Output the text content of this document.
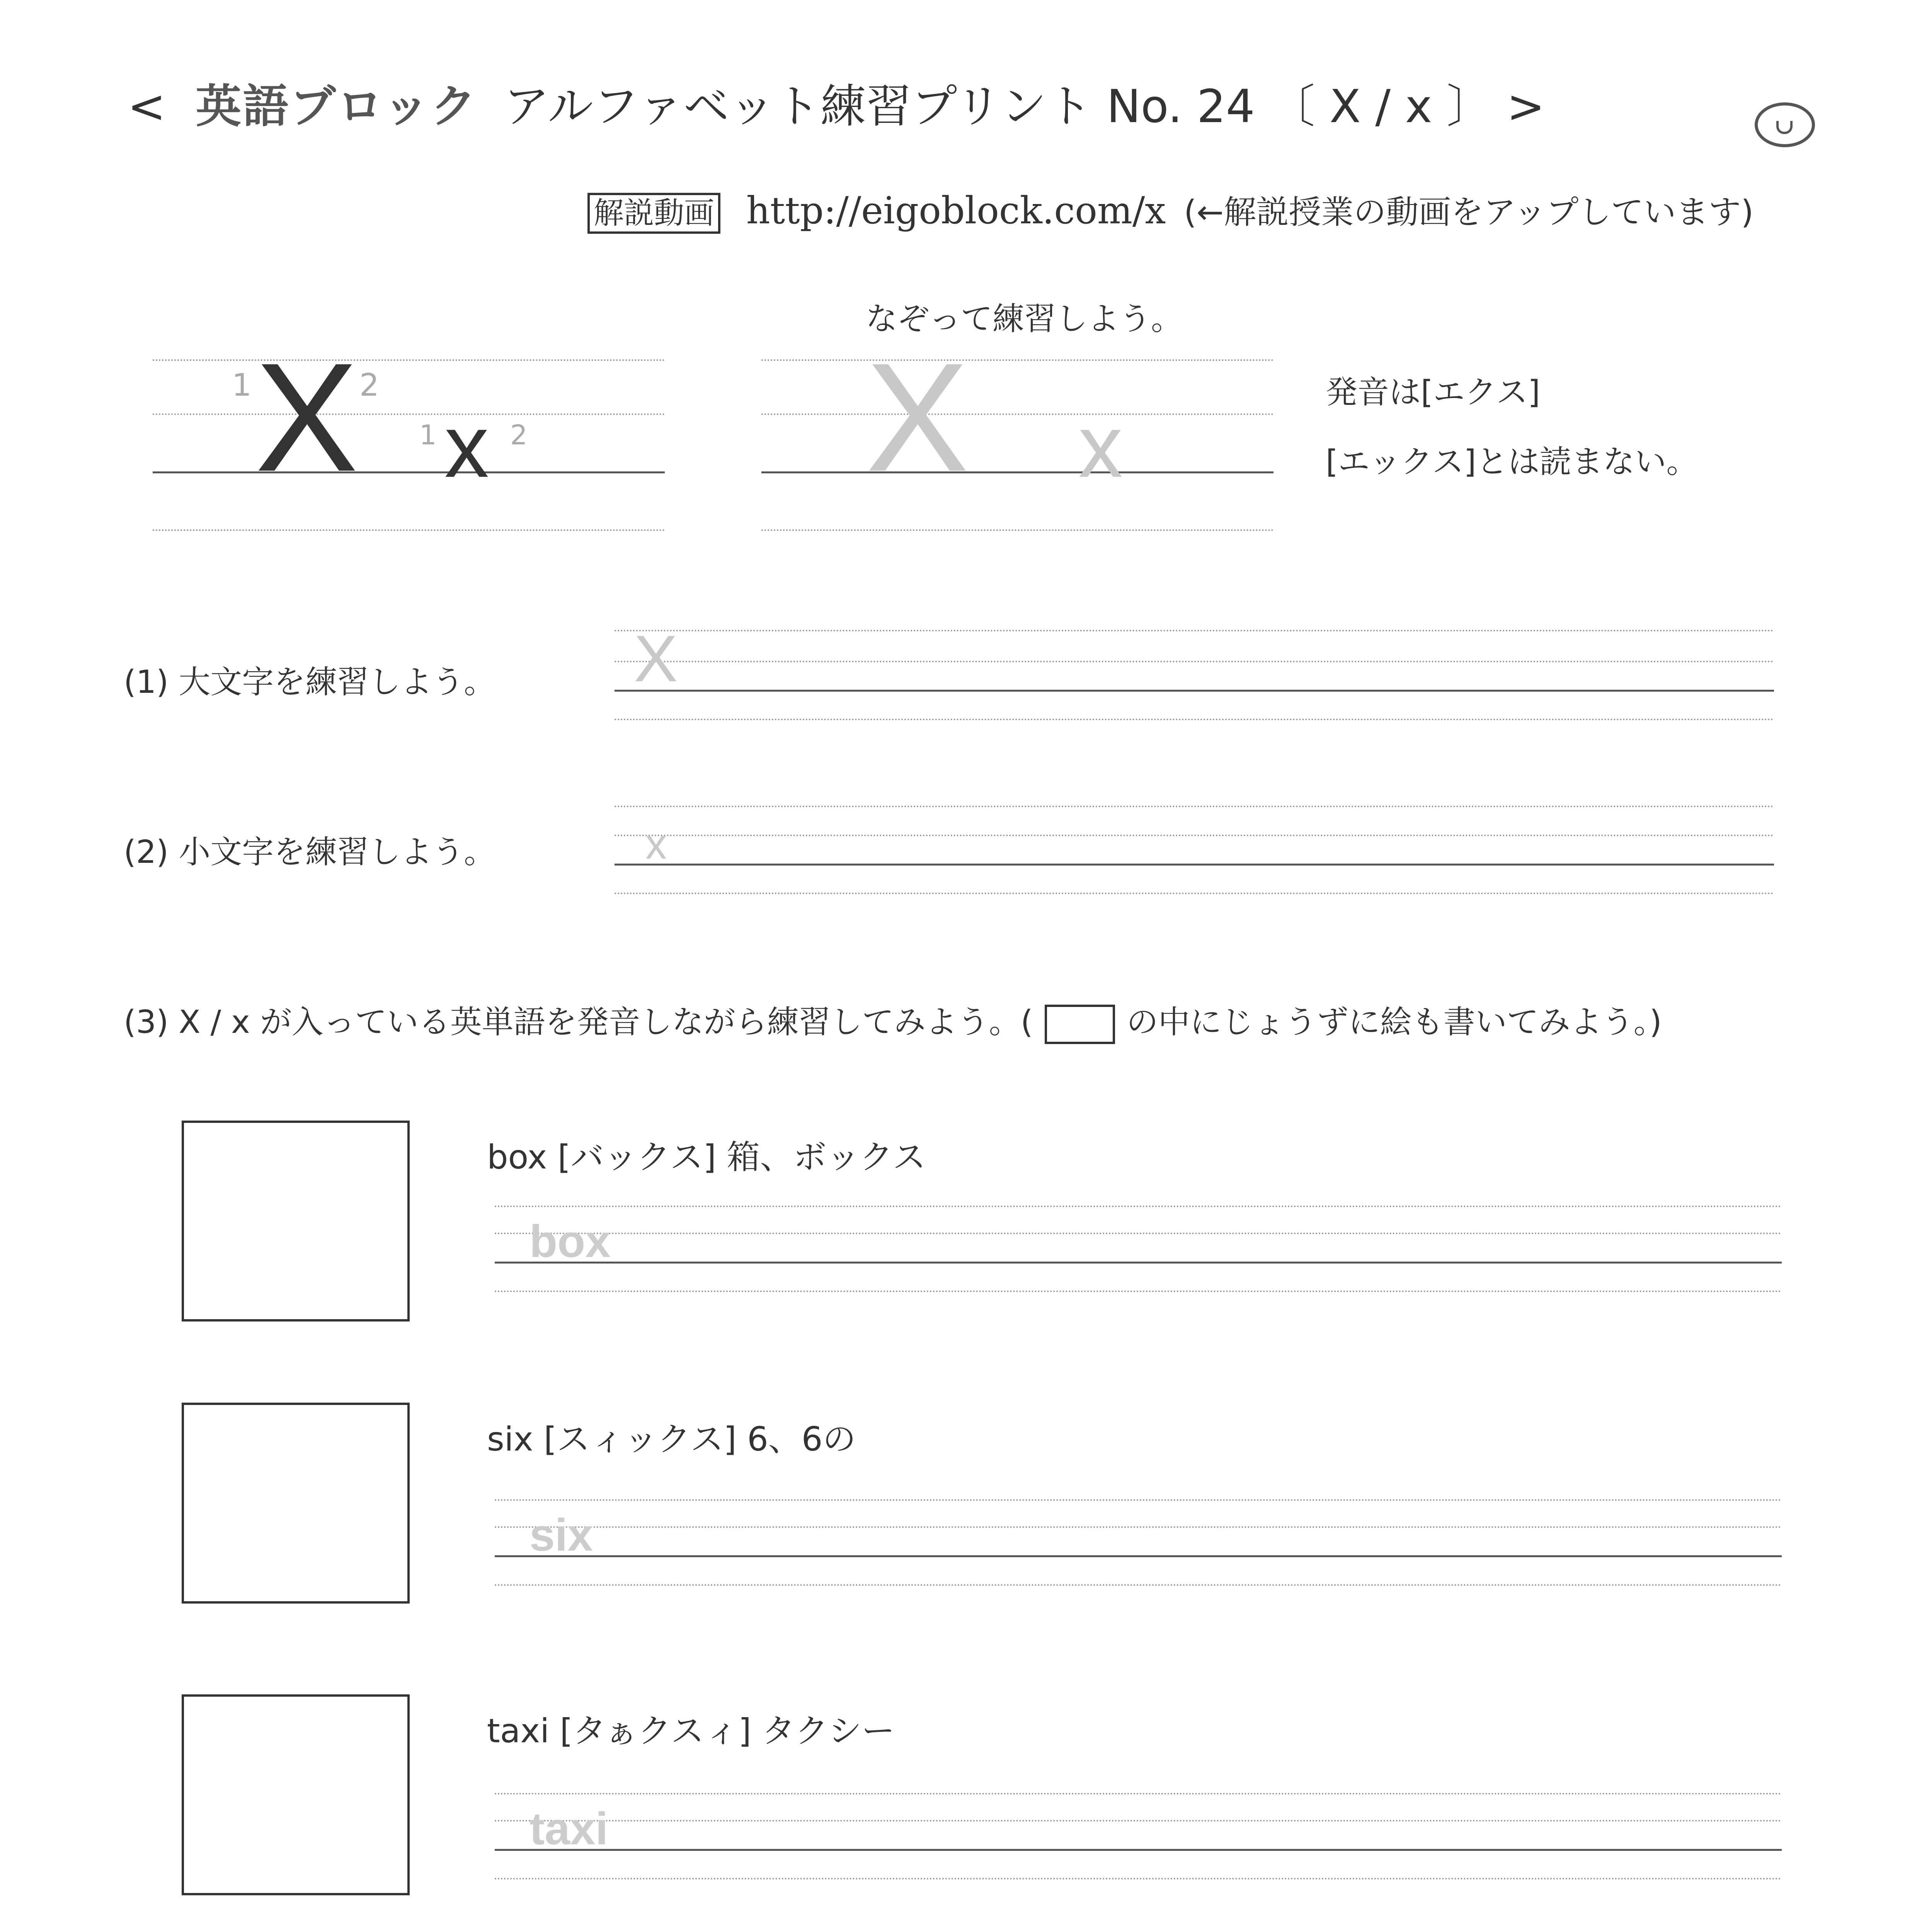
< 英語ブロック アルファベット練習プリント No. 24 〔 X / x 〕 >
解説動画 http://eigoblock.com/x (←解説授業の動画をアップしています)
X x
1	2
1	2
なぞって練習しよう。
X x
発音は[エクス]
[エックス]とは読まない。
(1) 大文字を練習しよう。 X
(2) 小文字を練習しよう。	x
(3) X / x が入っている英単語を発音しながら練習してみよう。(	の中にじょうずに絵も書いてみよう。)
box [バックス] 箱、ボックス
box
six [スィックス] 6、6の
six
taxi [タぁクスィ] タクシー
taxi
